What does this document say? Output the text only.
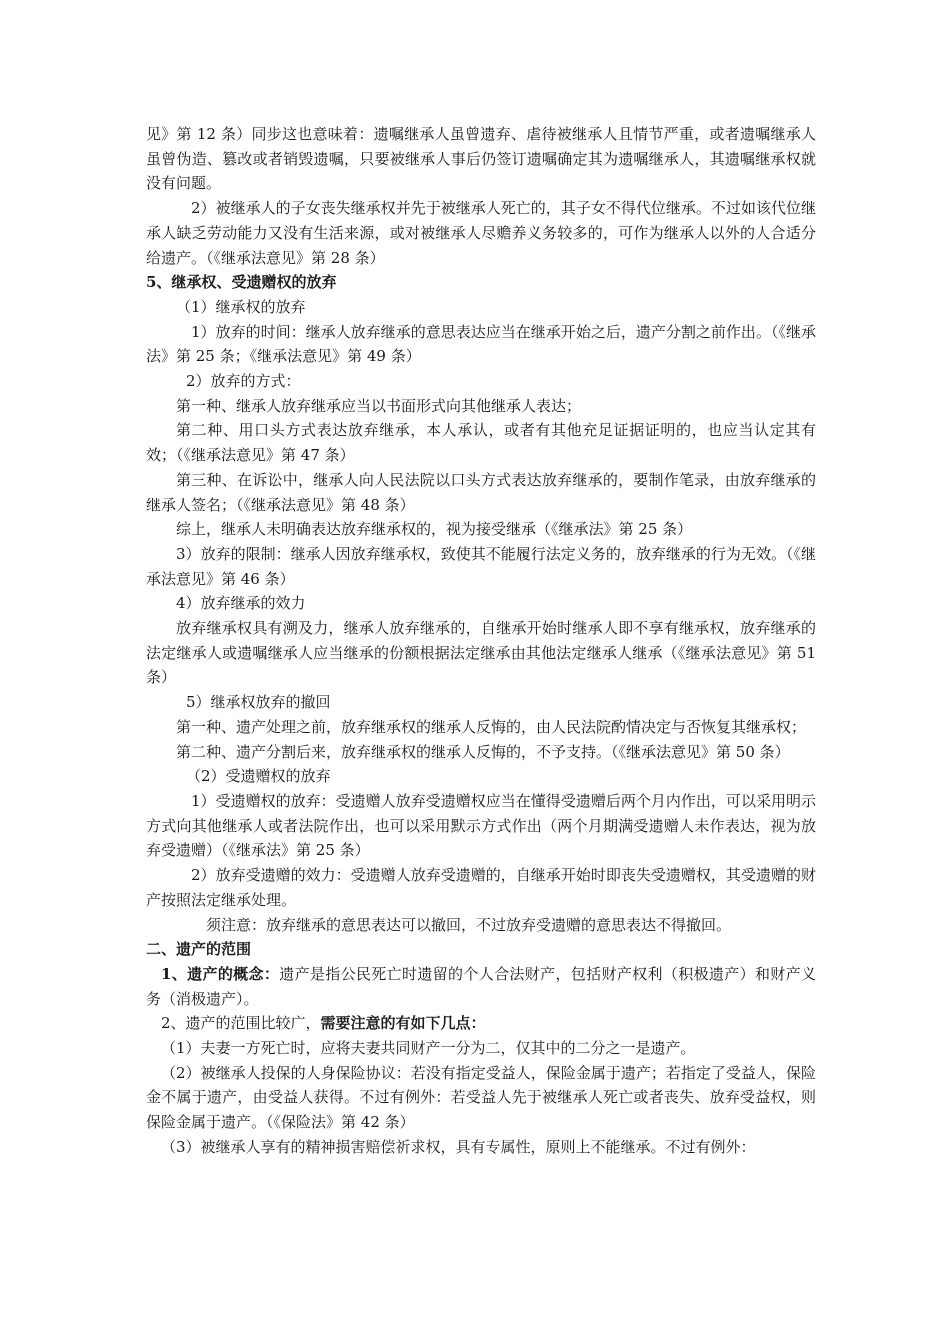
见》第 12 条）同步这也意味着：遗嘱继承人虽曾遗弃、虐待被继承人且情节严重，或者遗嘱继承人虽曾伪造、篡改或者销毁遗嘱，只要被继承人事后仍签订遗嘱确定其为遗嘱继承人，其遗嘱继承权就没有问题。

2）被继承人的子女丧失继承权并先于被继承人死亡的，其子女不得代位继承。不过如该代位继承人缺乏劳动能力又没有生活来源，或对被继承人尽赡养义务较多的，可作为继承人以外的人合适分给遗产。（《继承法意见》第 28 条）

5、继承权、受遗赠权的放弃

（1）继承权的放弃

1）放弃的时间：继承人放弃继承的意思表达应当在继承开始之后，遗产分割之前作出。（《继承法》第 25 条；《继承法意见》第 49 条）

2）放弃的方式：

第一种、继承人放弃继承应当以书面形式向其他继承人表达；

第二种、用口头方式表达放弃继承，本人承认，或者有其他充足证据证明的，也应当认定其有效；（《继承法意见》第 47 条）

第三种、在诉讼中，继承人向人民法院以口头方式表达放弃继承的，要制作笔录，由放弃继承的继承人签名；（《继承法意见》第 48 条）

综上，继承人未明确表达放弃继承权的，视为接受继承（《继承法》第 25 条）

3）放弃的限制：继承人因放弃继承权，致使其不能履行法定义务的，放弃继承的行为无效。（《继承法意见》第 46 条）

4）放弃继承的效力

放弃继承权具有溯及力，继承人放弃继承的，自继承开始时继承人即不享有继承权，放弃继承的法定继承人或遗嘱继承人应当继承的份额根据法定继承由其他法定继承人继承（《继承法意见》第 51 条）

5）继承权放弃的撤回

第一种、遗产处理之前，放弃继承权的继承人反悔的，由人民法院酌情决定与否恢复其继承权；

第二种、遗产分割后来，放弃继承权的继承人反悔的，不予支持。（《继承法意见》第 50 条）

（2）受遗赠权的放弃

1）受遗赠权的放弃：受遗赠人放弃受遗赠权应当在懂得受遗赠后两个月内作出，可以采用明示方式向其他继承人或者法院作出，也可以采用默示方式作出（两个月期满受遗赠人未作表达，视为放弃受遗赠）（《继承法》第 25 条）

2）放弃受遗赠的效力：受遗赠人放弃受遗赠的，自继承开始时即丧失受遗赠权，其受遗赠的财产按照法定继承处理。

须注意：放弃继承的意思表达可以撤回，不过放弃受遗赠的意思表达不得撤回。

二、遗产的范围

1、遗产的概念：遗产是指公民死亡时遗留的个人合法财产，包括财产权利（积极遗产）和财产义务（消极遗产）。

2、遗产的范围比较广，需要注意的有如下几点：

（1）夫妻一方死亡时，应将夫妻共同财产一分为二，仅其中的二分之一是遗产。

（2）被继承人投保的人身保险协议：若没有指定受益人，保险金属于遗产；若指定了受益人，保险金不属于遗产，由受益人获得。不过有例外：若受益人先于被继承人死亡或者丧失、放弃受益权，则保险金属于遗产。（《保险法》第 42 条）

（3）被继承人享有的精神损害赔偿祈求权，具有专属性，原则上不能继承。不过有例外：
